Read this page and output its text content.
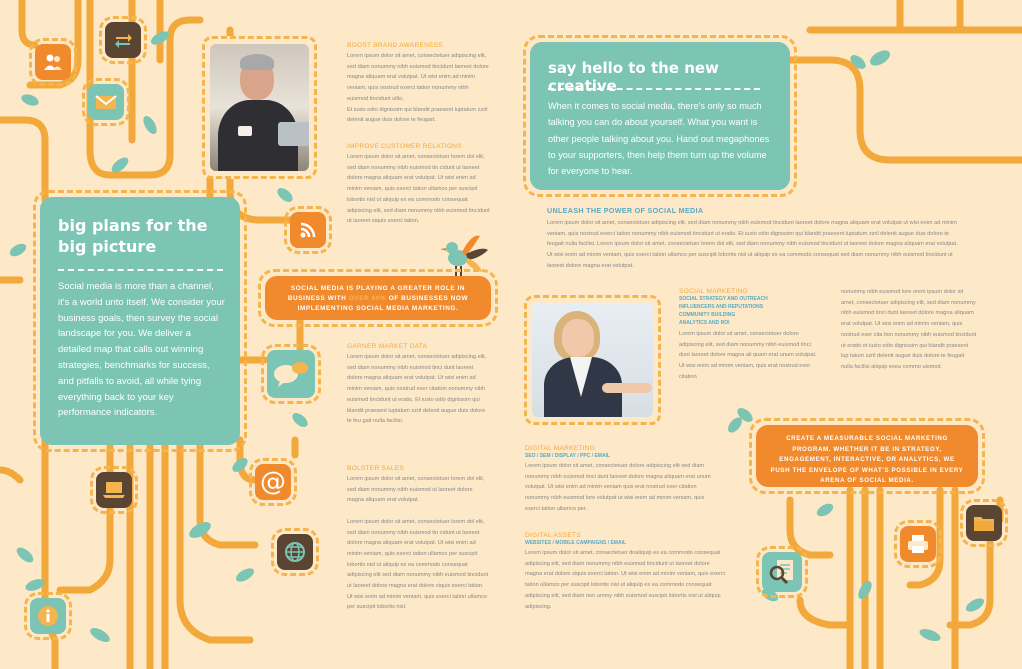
@
big plans for the
big picture
Social media is more than a channel, it's a world unto itself. We consider your business goals, then survey the social landscape for you. We deliver a detailed map that calls out winning strategies, benchmarks for success, and pitfalls to avoid, all while tying everything back to your key performance indicators.
SOCIAL MEDIA IS PLAYING A GREATER ROLE IN BUSINESS WITH OVER 90% OF BUSINESSES NOW IMPLEMENTING SOCIAL MEDIA MARKETING.
BOOST BRAND AWARENESS
Lorem ipsum dolor sit amet, consectetuer adipiscing elit, sed diam nonummy nibh euismod tincidunt laoreet dolore magna aliquam erat volutpat. Ut wisi enim ad minim veniam, quis nostrud exerci tation nonummy nibh euismod tincidunt ullto.
Et iusto odio dignissim qui blandit praesent luptatum zzril delenit augue duis dolore te feugait.
IMPROVE CUSTOMER RELATIONS
Lorem ipsum dolor sit amet, consectetuer lorem dol elit, sed diam nonummy nibh euismod tin cidunt ut laoreet dolore magna aliquam erat volutpat. Ut wisi enim ad minim veniam, quis exerci tation ullamco per suscipit lobortis nisl ut aliquip ex ea commodo consequat adipiscing elit, sed diam nonummy nibh euismod tincidunt ut laoreet siquis exerci tation.
GARNER MARKET DATA
Lorem ipsum dolor sit amet, consectetuer adipiscing elit, sed diam nonummy nibh euismod tinci dunt laoreet dolore magna aliquam erat volutpat. Ut wisi enim ad minim veniam, quis nostrud exer citation nonummy nibh euismod tincidunt ut eratis. Et iusto odio dignissim qui blandit praesent luptatum zzril delenit augue duis dolore te feu gait nulla facilisi.
BOLSTER SALES
Lorem ipsum dolor sit amet, consectetuer lorem dol elit, sed diam nonummy nibh euismod ut laoreet dolore magna aliquam erat volutpat.

Lorem ipsum dolor sit amet, consectetuer lorem dol elit, sed diam nonummy nibh euismod tin cidunt ut laoreet dolore magna aliquam erat volutpat. Ut wisi enim ad minim veniam, quis exerci tation ullamco per suscipit lobortis nisl ut aliquip ex ea commodo consequat adipiscing elit sed diam nonummy nibh euismod tincidunt ut laoreet dolore magna erat dolore siquis exerci tation. Ut wisi enim ad minim veniam, quis exerci tation ullamco per suscipit lobortis nisl.
say hello to the new creative
When it comes to social media, there's only so much talking you can do about yourself. What you want is other people talking about you. Hand out megaphones to your supporters, then help them turn up the volume for everyone to hear.
UNLEASH THE POWER OF SOCIAL MEDIA
Lorem ipsum dolor sit amet, consectetuer adipiscing elit, sed diam nonummy nibh euismod tincidunt laoreet dolore magna aliquam erat volutpat ut wisi enim ad minim veniam, quis nostrud exerci tation nonummy nibh euismod tincidunt ut eratis. Et iusto odio dignissim qui blandit praesent luptatum zzril delenit augue duis dolore te feugait nulla facilisi. Lorem ipsum dolor sit amet, consectetuer lorem dol elit, sed diam nonummy nibh euismod tincidunt ut laoreet dolore magna aliquam erat volutpat. Ut wisi enim ad minim veniam, quis exerci tation ullamco per suscipit lobortis nisl ut aliquip ex ea commodo consequat sed diam nonummy nibh euismod tincidunt ut laoreet dolore magna erat volutpat.
SOCIAL MARKETING
SOCIAL STRATEGY AND OUTREACH
INFLUENCERS AND REPUTATIONS
COMMUNITY BUILDING
ANALYTICS AND ROI
Lorem ipsum dolor sit amet, consectetuer dolore adipiscing elit, sed diam nonummy nibh euismod tinci dunt laoreet dolore magna ali quam erat unum volutpat. Ut wisi enim ad minim veniam, quis erat nostrud exer citation
nonummy nibh euismod lore orem ipsum dolor sit amet, consectetuer adipiscing elit, sed diam nonummy nibh euismod tinci dunt laoreet dolore magna aliquam erat volutpat. Ut wisi enim ad minim veniam, quis nostrud exer cita tion nonummy nibh euismod tincidunt ut eratio et iusto odio dignissim qui blandit praesent lup tatum zzril delenit augue duis dolore te feugait nulla facilisi aliquip exea commo uismod.
DIGITAL MARKETING
SEO / SEM / DISPLAY / PPC / EMAIL
Lorem ipsum dolor sit amet, consectetuer dolore adipiscing elit sed diam nonummy nibh euismod tinci dunt laoreet dolore magna aliquam erat unum volutpat. Ut wisi enim ad minim veniam quis erat nostrud exer citation nonummy nibh euismod lore volutpat ut wisi enim ad minim veniam, quis exerci tation ullamco per.
DIGITAL ASSETS
WEBSITES / MOBILE CAMPAIGNS / EMAIL
Lorem ipsum dolor sit amet, consectetuer doaliquip ex ea commodo consequat adipiscing elit, sed diam nonummy nibh euismod tincidunt ut laoreet dolore magna erat dolore siquis exerci tation. Ut wisi enim ad minim veniam, quis exerci tation ullamco per suscipit lobortis nisl ut aliquip ex ea commodo consequat adipiscing elit, sed diam non ummy nibh euismod suscipit lobortis nisl ut aliquip adipiscing.
CREATE A MEASURABLE SOCIAL MARKETING PROGRAM. WHETHER IT BE IN STRATEGY, ENGAGEMENT, INTERACTIVE, OR ANALYTICS, WE PUSH THE ENVELOPE OF WHAT'S POSSIBLE IN EVERY ARENA OF SOCIAL MEDIA.
